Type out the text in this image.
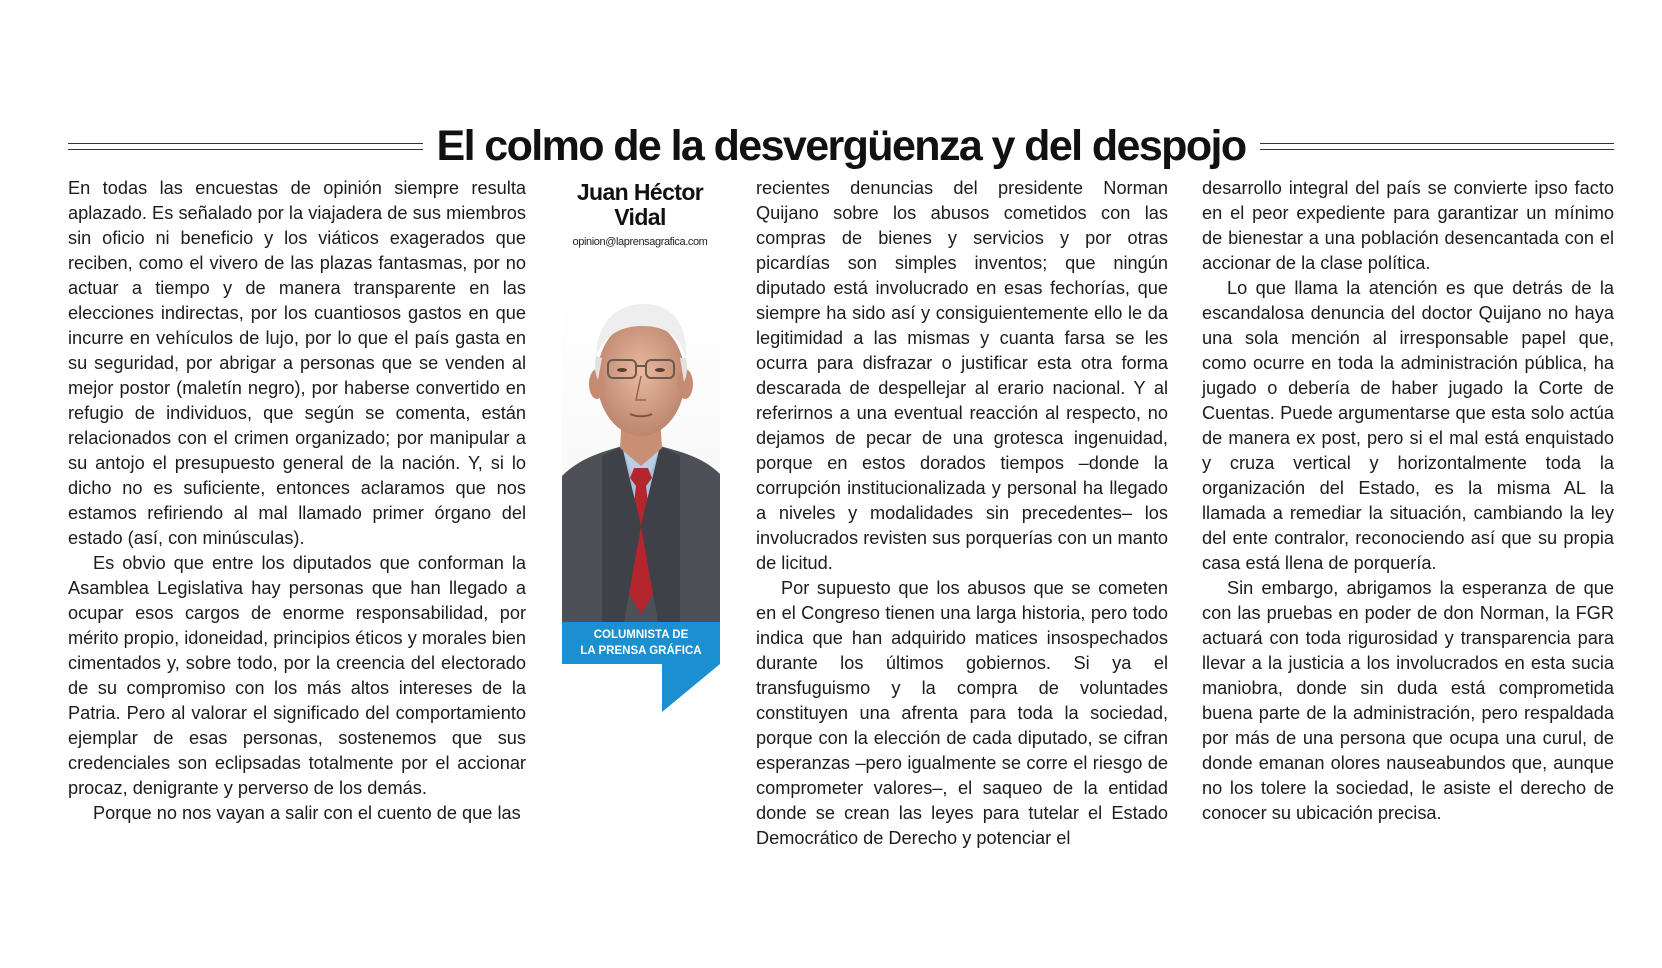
El colmo de la desvergüenza y del despojo

En todas las encuestas de opinión siempre resulta aplazado. Es señalado por la viajadera de sus miembros sin oficio ni beneficio y los viáticos exagerados que reciben, como el vivero de las plazas fantasmas, por no actuar a tiempo y de manera transparente en las elecciones indirectas, por los cuantiosos gastos en que incurre en vehículos de lujo, por lo que el país gasta en su seguridad, por abrigar a personas que se venden al mejor postor (maletín negro), por haberse convertido en refugio de individuos, que según se comenta, están relacionados con el crimen organizado; por manipular a su antojo el presupuesto general de la nación. Y, si lo dicho no es suficiente, entonces aclaramos que nos estamos refiriendo al mal llamado primer órgano del estado (así, con minúsculas).

Es obvio que entre los diputados que conforman la Asamblea Legislativa hay personas que han llegado a ocupar esos cargos de enorme responsabilidad, por mérito propio, idoneidad, principios éticos y morales bien cimentados y, sobre todo, por la creencia del electorado de su compromiso con los más altos intereses de la Patria. Pero al valorar el significado del comportamiento ejemplar de esas personas, sostenemos que sus credenciales son eclipsadas totalmente por el accionar procaz, denigrante y perverso de los demás.

Porque no nos vayan a salir con el cuento de que las

Juan Héctor
Vidal
opinion@laprensagrafica.com
COLUMNISTA DE
LA PRENSA GRÁFICA

recientes denuncias del presidente Norman Quijano sobre los abusos cometidos con las compras de bienes y servicios y por otras picardías son simples inventos; que ningún diputado está involucrado en esas fechorías, que siempre ha sido así y consiguientemente ello le da legitimidad a las mismas y cuanta farsa se les ocurra para disfrazar o justificar esta otra forma descarada de despellejar al erario nacional. Y al referirnos a una eventual reacción al respecto, no dejamos de pecar de una grotesca ingenuidad, porque en estos dorados tiempos –donde la corrupción institucionalizada y personal ha llegado a niveles y modalidades sin precedentes– los involucrados revisten sus porquerías con un manto de licitud.

Por supuesto que los abusos que se cometen en el Congreso tienen una larga historia, pero todo indica que han adquirido matices insospechados durante los últimos gobiernos. Si ya el transfuguismo y la compra de voluntades constituyen una afrenta para toda la sociedad, porque con la elección de cada diputado, se cifran esperanzas –pero igualmente se corre el riesgo de comprometer valores–, el saqueo de la entidad donde se crean las leyes para tutelar el Estado Democrático de Derecho y potenciar el

desarrollo integral del país se convierte ipso facto en el peor expediente para garantizar un mínimo de bienestar a una población desencantada con el accionar de la clase política.

Lo que llama la atención es que detrás de la escandalosa denuncia del doctor Quijano no haya una sola mención al irresponsable papel que, como ocurre en toda la administración pública, ha jugado o debería de haber jugado la Corte de Cuentas. Puede argumentarse que esta solo actúa de manera ex post, pero si el mal está enquistado y cruza vertical y horizontalmente toda la organización del Estado, es la misma AL la llamada a remediar la situación, cambiando la ley del ente contralor, reconociendo así que su propia casa está llena de porquería.

Sin embargo, abrigamos la esperanza de que con las pruebas en poder de don Norman, la FGR actuará con toda rigurosidad y transparencia para llevar a la justicia a los involucrados en esta sucia maniobra, donde sin duda está comprometida buena parte de la administración, pero respaldada por más de una persona que ocupa una curul, de donde emanan olores nauseabundos que, aunque no los tolere la sociedad, le asiste el derecho de conocer su ubicación precisa.
